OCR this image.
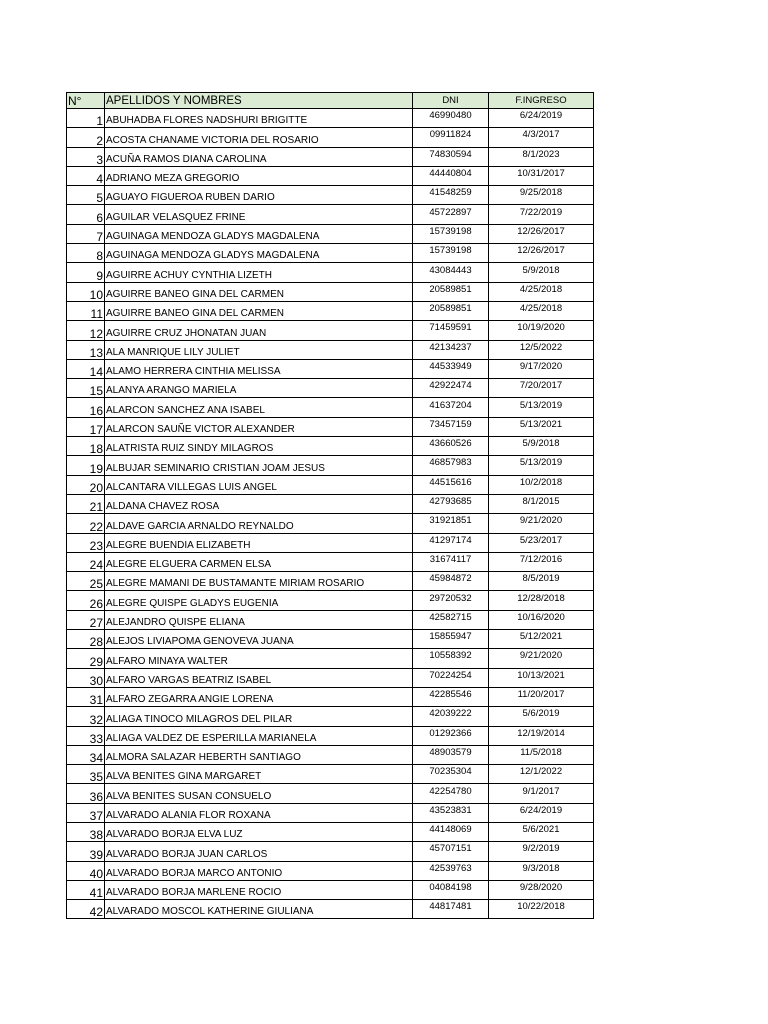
N°	APELLIDOS Y NOMBRES	DNI	F.INGRESO
1	ABUHADBA FLORES NADSHURI BRIGITTE	46990480	6/24/2019
2	ACOSTA CHANAME VICTORIA DEL ROSARIO	09911824	4/3/2017
3	ACUÑA RAMOS DIANA CAROLINA	74830594	8/1/2023
4	ADRIANO MEZA GREGORIO	44440804	10/31/2017
5	AGUAYO FIGUEROA RUBEN DARIO	41548259	9/25/2018
6	AGUILAR VELASQUEZ FRINE	45722897	7/22/2019
7	AGUINAGA MENDOZA GLADYS MAGDALENA	15739198	12/26/2017
8	AGUINAGA MENDOZA GLADYS MAGDALENA	15739198	12/26/2017
9	AGUIRRE ACHUY CYNTHIA LIZETH	43084443	5/9/2018
10	AGUIRRE BANEO GINA DEL CARMEN	20589851	4/25/2018
11	AGUIRRE BANEO GINA DEL CARMEN	20589851	4/25/2018
12	AGUIRRE CRUZ JHONATAN JUAN	71459591	10/19/2020
13	ALA MANRIQUE LILY JULIET	42134237	12/5/2022
14	ALAMO HERRERA CINTHIA MELISSA	44533949	9/17/2020
15	ALANYA ARANGO MARIELA	42922474	7/20/2017
16	ALARCON SANCHEZ ANA ISABEL	41637204	5/13/2019
17	ALARCON SAUÑE VICTOR ALEXANDER	73457159	5/13/2021
18	ALATRISTA RUIZ SINDY MILAGROS	43660526	5/9/2018
19	ALBUJAR SEMINARIO CRISTIAN JOAM JESUS	46857983	5/13/2019
20	ALCANTARA VILLEGAS LUIS ANGEL	44515616	10/2/2018
21	ALDANA CHAVEZ ROSA	42793685	8/1/2015
22	ALDAVE GARCIA ARNALDO REYNALDO	31921851	9/21/2020
23	ALEGRE BUENDIA ELIZABETH	41297174	5/23/2017
24	ALEGRE ELGUERA CARMEN ELSA	31674117	7/12/2016
25	ALEGRE MAMANI DE BUSTAMANTE MIRIAM ROSARIO	45984872	8/5/2019
26	ALEGRE QUISPE GLADYS EUGENIA	29720532	12/28/2018
27	ALEJANDRO QUISPE ELIANA	42582715	10/16/2020
28	ALEJOS LIVIAPOMA GENOVEVA JUANA	15855947	5/12/2021
29	ALFARO MINAYA WALTER	10558392	9/21/2020
30	ALFARO VARGAS BEATRIZ ISABEL	70224254	10/13/2021
31	ALFARO ZEGARRA ANGIE LORENA	42285546	11/20/2017
32	ALIAGA TINOCO MILAGROS DEL PILAR	42039222	5/6/2019
33	ALIAGA VALDEZ DE ESPERILLA MARIANELA	01292366	12/19/2014
34	ALMORA SALAZAR HEBERTH SANTIAGO	48903579	11/5/2018
35	ALVA BENITES GINA MARGARET	70235304	12/1/2022
36	ALVA BENITES SUSAN CONSUELO	42254780	9/1/2017
37	ALVARADO ALANIA FLOR ROXANA	43523831	6/24/2019
38	ALVARADO BORJA ELVA LUZ	44148069	5/6/2021
39	ALVARADO BORJA JUAN CARLOS	45707151	9/2/2019
40	ALVARADO BORJA MARCO ANTONIO	42539763	9/3/2018
41	ALVARADO BORJA MARLENE ROCIO	04084198	9/28/2020
42	ALVARADO MOSCOL KATHERINE GIULIANA	44817481	10/22/2018
